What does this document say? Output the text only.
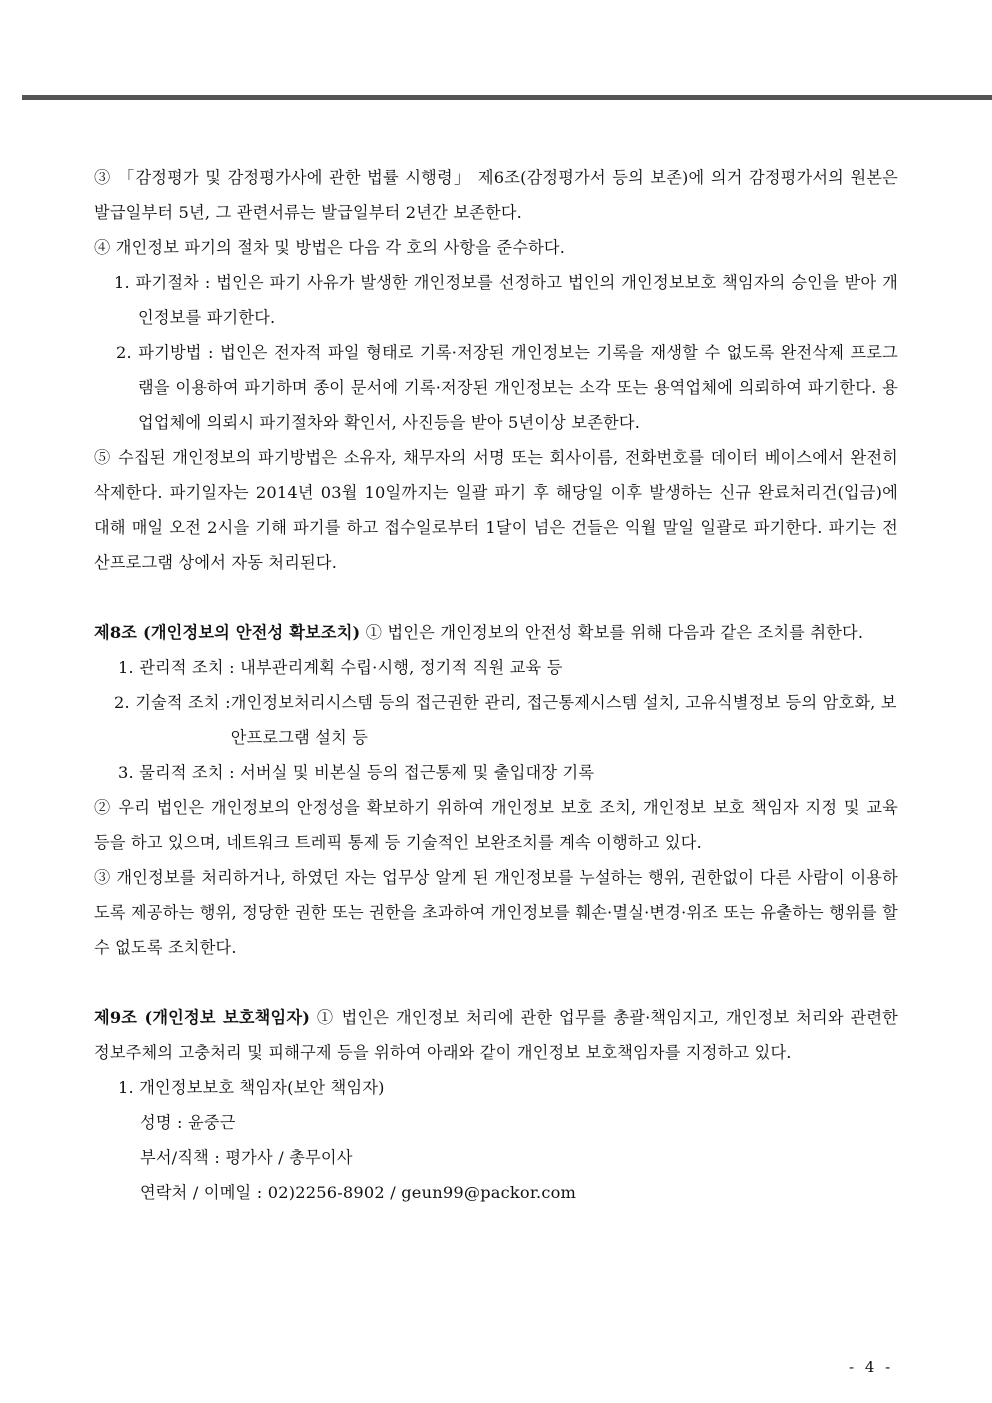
③ 「감정평가 및 감정평가사에 관한 법률 시행령」 제6조(감정평가서 등의 보존)에 의거 감정평가서의 원본은 발급일부터 5년, 그 관련서류는 발급일부터 2년간 보존한다.

④ 개인정보 파기의 절차 및 방법은 다음 각 호의 사항을 준수하다.

1. 파기절차 : 법인은 파기 사유가 발생한 개인정보를 선정하고 법인의 개인정보보호 책임자의 승인을 받아 개인정보를 파기한다.

2. 파기방법 : 법인은 전자적 파일 형태로 기록·저장된 개인정보는 기록을 재생할 수 없도록 완전삭제 프로그램을 이용하여 파기하며 종이 문서에 기록·저장된 개인정보는 소각 또는 용역업체에 의뢰하여 파기한다. 용업업체에 의뢰시 파기절차와 확인서, 사진등을 받아 5년이상 보존한다.

⑤ 수집된 개인정보의 파기방법은 소유자, 채무자의 서명 또는 회사이름, 전화번호를 데이터 베이스에서 완전히 삭제한다. 파기일자는 2014년 03월 10일까지는 일괄 파기 후 해당일 이후 발생하는 신규 완료처리건(입금)에 대해 매일 오전 2시을 기해 파기를 하고 접수일로부터 1달이 넘은 건들은 익월 말일 일괄로 파기한다. 파기는 전산프로그램 상에서 자동 처리된다.

제8조 (개인정보의 안전성 확보조치) ① 법인은 개인정보의 안전성 확보를 위해 다음과 같은 조치를 취한다.

1. 관리적 조치 : 내부관리계획 수립·시행, 정기적 직원 교육 등

2. 기술적 조치 : 개인정보처리시스템 등의 접근권한 관리, 접근통제시스템 설치, 고유식별정보 등의 암호화, 보안프로그램 설치 등

3. 물리적 조치 : 서버실 및 비본실 등의 접근통제 및 출입대장 기록

② 우리 법인은 개인정보의 안정성을 확보하기 위하여 개인정보 보호 조치, 개인정보 보호 책임자 지정 및 교육 등을 하고 있으며, 네트워크 트레픽 통제 등 기술적인 보완조치를 계속 이행하고 있다.

③ 개인정보를 처리하거나, 하였던 자는 업무상 알게 된 개인정보를 누설하는 행위, 권한없이 다른 사람이 이용하도록 제공하는 행위, 정당한 권한 또는 권한을 초과하여 개인정보를 훼손·멸실·변경·위조 또는 유출하는 행위를 할 수 없도록 조치한다.

제9조 (개인정보 보호책임자) ① 법인은 개인정보 처리에 관한 업무를 총괄·책임지고, 개인정보 처리와 관련한 정보주체의 고충처리 및 피해구제 등을 위하여 아래와 같이 개인정보 보호책임자를 지정하고 있다.

1. 개인정보보호 책임자(보안 책임자)

성명 : 윤중근

부서/직책 : 평가사 / 총무이사

연락처 / 이메일 : 02)2256-8902 / geun99@packor.com

- 4 -
